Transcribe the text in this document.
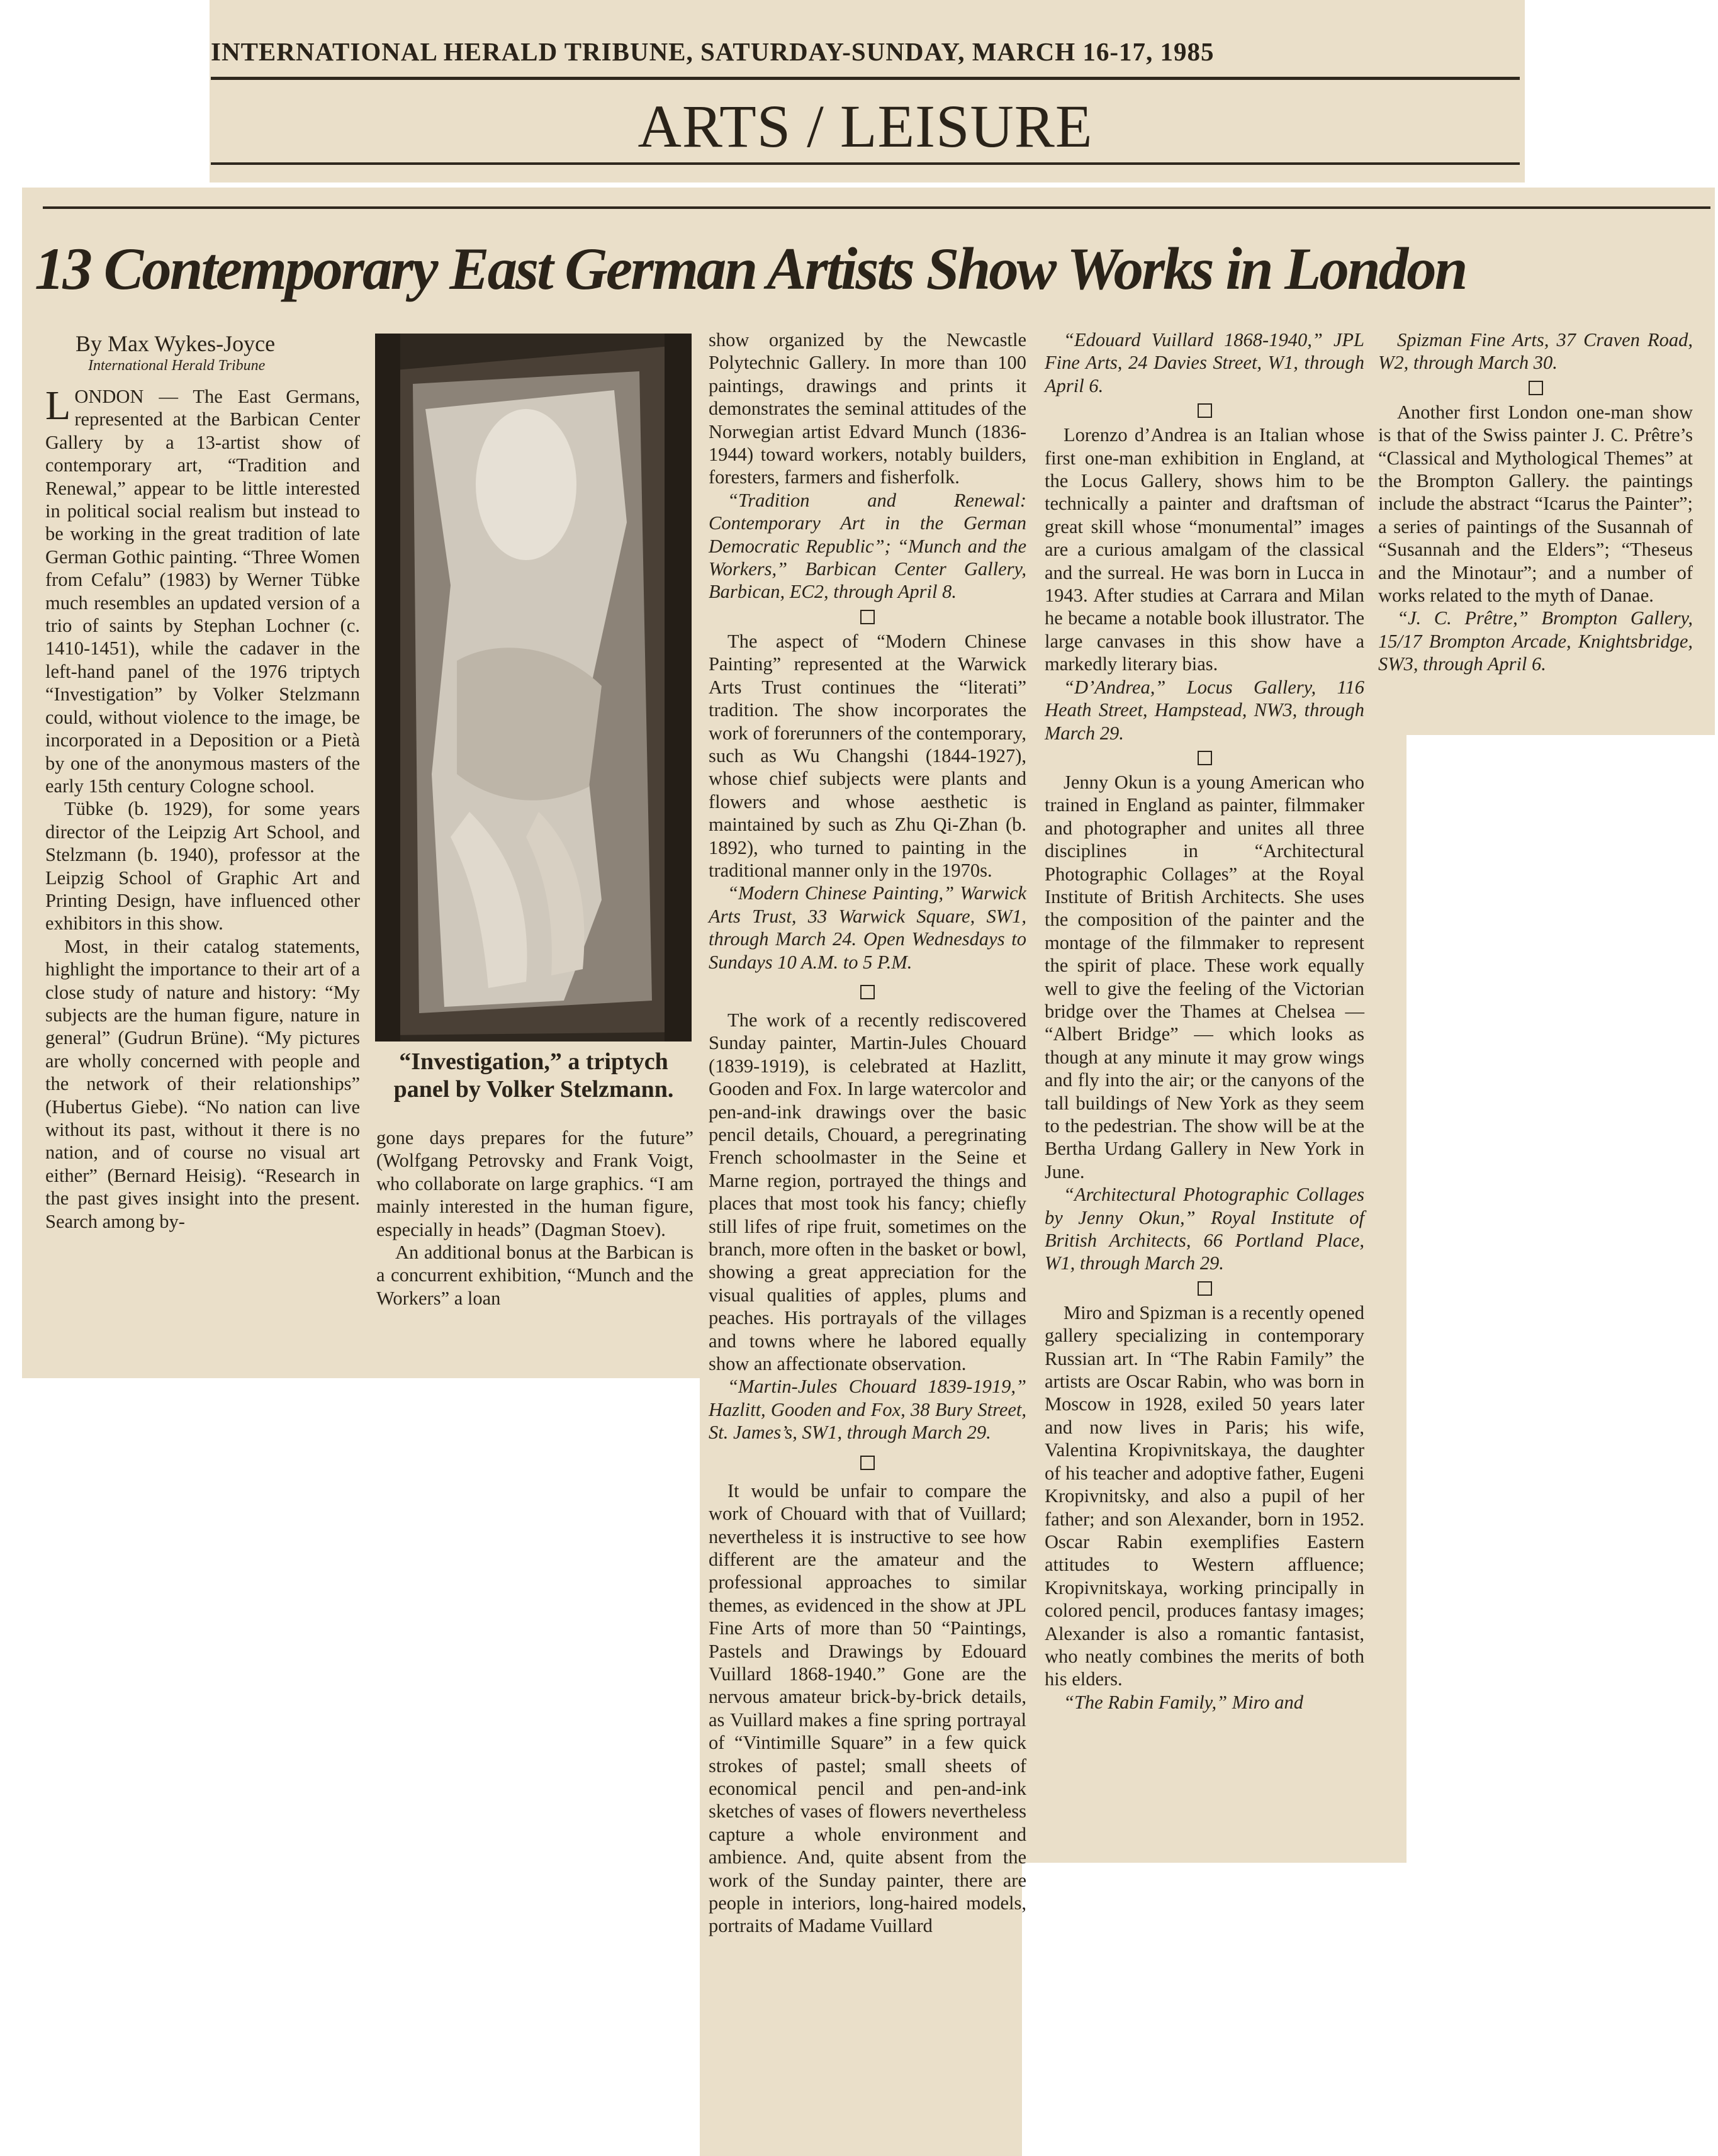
INTERNATIONAL HERALD TRIBUNE, SATURDAY-SUNDAY, MARCH 16-17, 1985
ARTS / LEISURE
13 Contemporary East German Artists Show Works in London
By Max Wykes-Joyce
International Herald Tribune
“Investigation,” a triptych panel by Volker Stelzmann.

LONDON — The East Germans, represented at the Barbican Center Gallery by a 13-artist show of contemporary art, “Tradition and Renewal,” appear to be little interested in political social realism but instead to be working in the great tradition of late German Gothic painting. “Three Women from Cefalu” (1983) by Werner Tübke much resembles an updated version of a trio of saints by Stephan Lochner (c. 1410-1451), while the cadaver in the left-hand panel of the 1976 triptych “Investigation” by Volker Stelzmann could, without violence to the image, be incorporated in a Deposition or a Pietà by one of the anonymous masters of the early 15th century Cologne school.

Tübke (b. 1929), for some years director of the Leipzig Art School, and Stelzmann (b. 1940), professor at the Leipzig School of Graphic Art and Printing Design, have influenced other exhibitors in this show.

Most, in their catalog statements, highlight the importance to their art of a close study of nature and history: “My subjects are the human figure, nature in general” (Gudrun Brüne). “My pictures are wholly concerned with people and the network of their relationships” (Hubertus Giebe). “No nation can live without its past, without it there is no nation, and of course no visual art either” (Bernard Heisig). “Research in the past gives insight into the present. Search among by-

gone days prepares for the future” (Wolfgang Petrovsky and Frank Voigt, who collaborate on large graphics. “I am mainly interested in the human figure, especially in heads” (Dagman Stoev).

An additional bonus at the Barbican is a concurrent exhibition, “Munch and the Workers” a loan

show organized by the Newcastle Polytechnic Gallery. In more than 100 paintings, drawings and prints it demonstrates the seminal attitudes of the Norwegian artist Edvard Munch (1836-1944) toward workers, notably builders, foresters, farmers and fisherfolk.

“Tradition and Renewal: Contemporary Art in the German Democratic Republic”; “Munch and the Workers,” Barbican Center Gallery, Barbican, EC2, through April 8.

The aspect of “Modern Chinese Painting” represented at the Warwick Arts Trust continues the “literati” tradition. The show incorporates the work of forerunners of the contemporary, such as Wu Changshi (1844-1927), whose chief subjects were plants and flowers and whose aesthetic is maintained by such as Zhu Qi-Zhan (b. 1892), who turned to painting in the traditional manner only in the 1970s.

“Modern Chinese Painting,” Warwick Arts Trust, 33 Warwick Square, SW1, through March 24. Open Wednesdays to Sundays 10 A.M. to 5 P.M.

The work of a recently rediscovered Sunday painter, Martin-Jules Chouard (1839-1919), is celebrated at Hazlitt, Gooden and Fox. In large watercolor and pen-and-ink drawings over the basic pencil details, Chouard, a peregrinating French schoolmaster in the Seine et Marne region, portrayed the things and places that most took his fancy; chiefly still lifes of ripe fruit, sometimes on the branch, more often in the basket or bowl, showing a great appreciation for the visual qualities of apples, plums and peaches. His portrayals of the villages and towns where he labored equally show an affectionate observation.

“Martin-Jules Chouard 1839-1919,” Hazlitt, Gooden and Fox, 38 Bury Street, St. James’s, SW1, through March 29.

It would be unfair to compare the work of Chouard with that of Vuillard; nevertheless it is instructive to see how different are the amateur and the professional approaches to similar themes, as evidenced in the show at JPL Fine Arts of more than 50 “Paintings, Pastels and Drawings by Edouard Vuillard 1868-1940.” Gone are the nervous amateur brick-by-brick details, as Vuillard makes a fine spring portrayal of “Vintimille Square” in a few quick strokes of pastel; small sheets of economical pencil and pen-and-ink sketches of vases of flowers nevertheless capture a whole environment and ambience. And, quite absent from the work of the Sunday painter, there are people in interiors, long-haired models, portraits of Madame Vuillard

“Edouard Vuillard 1868-1940,” JPL Fine Arts, 24 Davies Street, W1, through April 6.

Lorenzo d’Andrea is an Italian whose first one-man exhibition in England, at the Locus Gallery, shows him to be technically a painter and draftsman of great skill whose “monumental” images are a curious amalgam of the classical and the surreal. He was born in Lucca in 1943. After studies at Carrara and Milan he became a notable book illustrator. The large canvases in this show have a markedly literary bias.

“D’Andrea,” Locus Gallery, 116 Heath Street, Hampstead, NW3, through March 29.

Jenny Okun is a young American who trained in England as painter, filmmaker and photographer and unites all three disciplines in “Architectural Photographic Collages” at the Royal Institute of British Architects. She uses the composition of the painter and the montage of the filmmaker to represent the spirit of place. These work equally well to give the feeling of the Victorian bridge over the Thames at Chelsea — “Albert Bridge” — which looks as though at any minute it may grow wings and fly into the air; or the canyons of the tall buildings of New York as they seem to the pedestrian. The show will be at the Bertha Urdang Gallery in New York in June.

“Architectural Photographic Collages by Jenny Okun,” Royal Institute of British Architects, 66 Portland Place, W1, through March 29.

Miro and Spizman is a recently opened gallery specializing in contemporary Russian art. In “The Rabin Family” the artists are Oscar Rabin, who was born in Moscow in 1928, exiled 50 years later and now lives in Paris; his wife, Valentina Kropivnitskaya, the daughter of his teacher and adoptive father, Eugeni Kropivnitsky, and also a pupil of her father; and son Alexander, born in 1952. Oscar Rabin exemplifies Eastern attitudes to Western affluence; Kropivnitskaya, working principally in colored pencil, produces fantasy images; Alexander is also a romantic fantasist, who neatly combines the merits of both his elders.

“The Rabin Family,” Miro and

Spizman Fine Arts, 37 Craven Road, W2, through March 30.

Another first London one-man show is that of the Swiss painter J. C. Prêtre’s “Classical and Mythological Themes” at the Brompton Gallery. the paintings include the abstract “Icarus the Painter”; a series of paintings of the Susannah of “Susannah and the Elders”; “Theseus and the Minotaur”; and a number of works related to the myth of Danae.

“J. C. Prêtre,” Brompton Gallery, 15/17 Brompton Arcade, Knightsbridge, SW3, through April 6.
